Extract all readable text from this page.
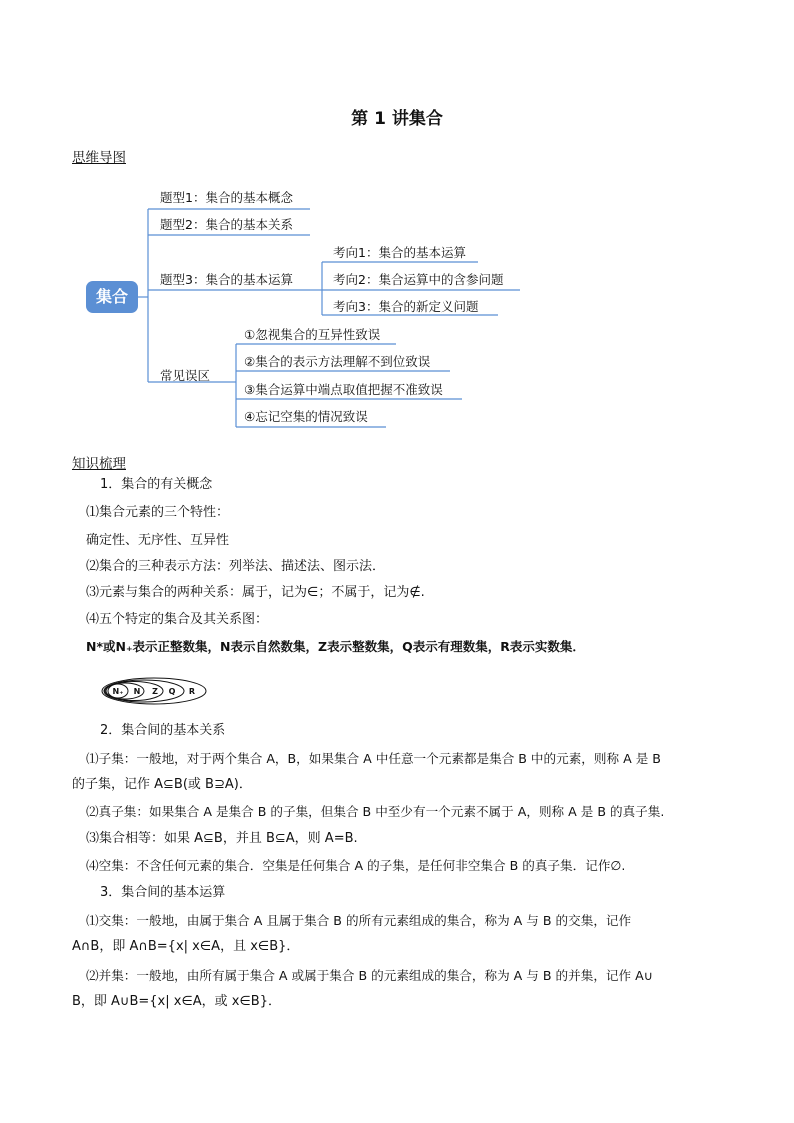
第 1 讲集合
思维导图
集合
题型1：集合的基本概念
题型2：集合的基本关系
题型3：集合的基本运算
常见误区
考向1：集合的基本运算
考向2：集合运算中的含参问题
考向3：集合的新定义问题
①忽视集合的互异性致误
②集合的表示方法理解不到位致误
③集合运算中端点取值把握不准致误
④忘记空集的情况致误
知识梳理
1．集合的有关概念
⑴集合元素的三个特性：
确定性、无序性、互异性
⑵集合的三种表示方法：列举法、描述法、图示法．
⑶元素与集合的两种关系：属于，记为∈；不属于，记为∉.
⑷五个特定的集合及其关系图：
N*或N₊表示正整数集，N表示自然数集，Z表示整数集，Q表示有理数集，R表示实数集．
N₊ N Z Q R
2．集合间的基本关系
⑴子集：一般地，对于两个集合 A，B，如果集合 A 中任意一个元素都是集合 B 中的元素，则称 A 是 B
的子集，记作 A⊆B(或 B⊇A)．
⑵真子集：如果集合 A 是集合 B 的子集，但集合 B 中至少有一个元素不属于 A，则称 A 是 B 的真子集.
⑶集合相等：如果 A⊆B，并且 B⊆A，则 A=B.
⑷空集：不含任何元素的集合．空集是任何集合 A 的子集，是任何非空集合 B 的真子集．记作∅.
3．集合间的基本运算
⑴交集：一般地，由属于集合 A 且属于集合 B 的所有元素组成的集合，称为 A 与 B 的交集，记作
A∩B，即 A∩B={x| x∈A，且 x∈B}．
⑵并集：一般地，由所有属于集合 A 或属于集合 B 的元素组成的集合，称为 A 与 B 的并集，记作 A∪
B，即 A∪B={x| x∈A，或 x∈B}．
